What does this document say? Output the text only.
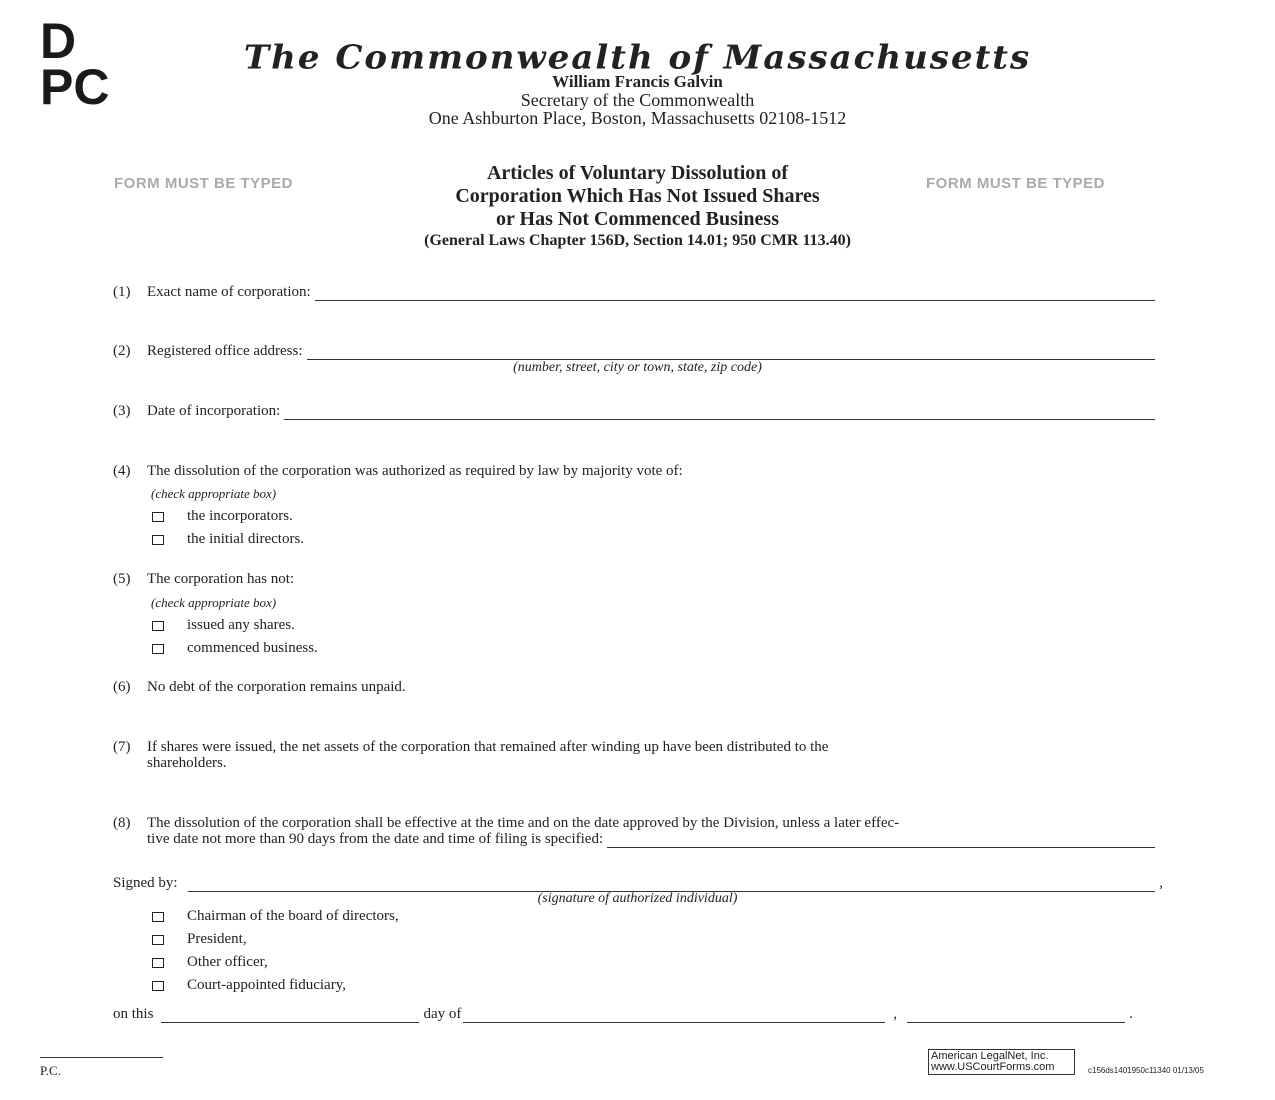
D
PC
The Commonwealth of Massachusetts
William Francis Galvin
Secretary of the Commonwealth
One Ashburton Place, Boston, Massachusetts 02108-1512
FORM MUST BE TYPED	FORM MUST BE TYPED
Articles of Voluntary Dissolution of
Corporation Which Has Not Issued Shares
or Has Not Commenced Business
(General Laws Chapter 156D, Section 14.01; 950 CMR 113.40)
(1)	Exact name of corporation:
(2)	Registered office address:
(number, street, city or town, state, zip code)
(3)	Date of incorporation:
(4)	The dissolution of the corporation was authorized as required by law by majority vote of:
(check appropriate box)
the incorporators.
the initial directors.
(5)	The corporation has not:
(check appropriate box)
issued any shares.
commenced business.
(6)	No debt of the corporation remains unpaid.
(7)	If shares were issued, the net assets of the corporation that remained after winding up have been distributed to the
shareholders.
(8)	The dissolution of the corporation shall be effective at the time and on the date approved by the Division, unless a later effec-
tive date not more than 90 days from the date and time of filing is specified:
Signed by:	,
(signature of authorized individual)
Chairman of the board of directors,
President,
Other officer,
Court-appointed fiduciary,
on this	day of	,	.
P.C.
American LegalNet, Inc.
www.USCourtForms.com	c156ds1401950c11340 01/13/05
